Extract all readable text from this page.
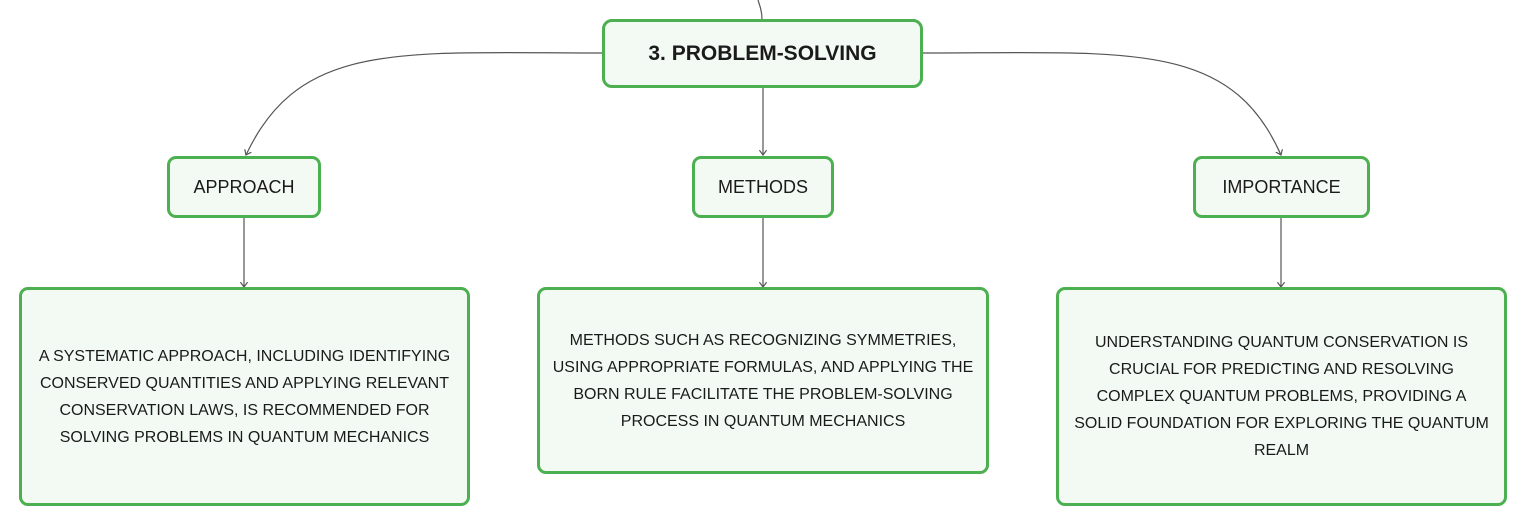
3. PROBLEM-SOLVING
APPROACH	METHODS	IMPORTANCE
A SYSTEMATIC APPROACH, INCLUDING IDENTIFYING CONSERVED QUANTITIES AND APPLYING RELEVANT CONSERVATION LAWS, IS RECOMMENDED FOR SOLVING PROBLEMS IN QUANTUM MECHANICS
METHODS SUCH AS RECOGNIZING SYMMETRIES, USING APPROPRIATE FORMULAS, AND APPLYING THE BORN RULE FACILITATE THE PROBLEM-SOLVING PROCESS IN QUANTUM MECHANICS
UNDERSTANDING QUANTUM CONSERVATION IS CRUCIAL FOR PREDICTING AND RESOLVING COMPLEX QUANTUM PROBLEMS, PROVIDING A SOLID FOUNDATION FOR EXPLORING THE QUANTUM REALM
